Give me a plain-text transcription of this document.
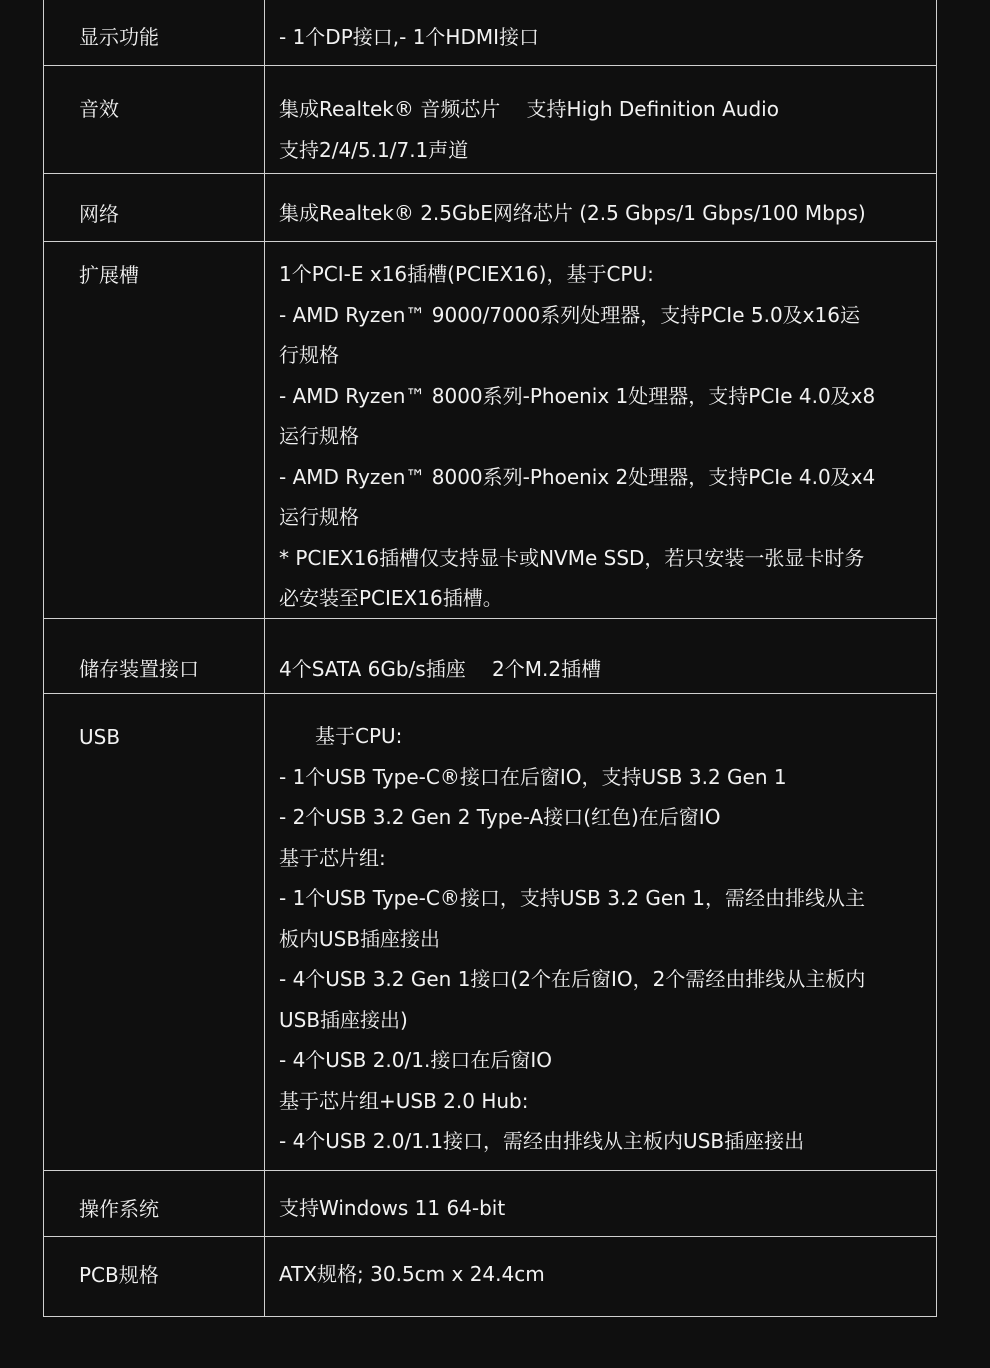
显示功能	- 1个DP接口,- 1个HDMI接口
音效	集成Realtek® 音频芯片　 支持High Definition Audio
支持2/4/5.1/7.1声道
网络	集成Realtek® 2.5GbE网络芯片 (2.5 Gbps/1 Gbps/100 Mbps)
扩展槽	1个PCI-E x16插槽(PCIEX16)，基于CPU:
- AMD Ryzen™ 9000/7000系列处理器，支持PCIe 5.0及x16运
行规格
- AMD Ryzen™ 8000系列-Phoenix 1处理器，支持PCIe 4.0及x8
运行规格
- AMD Ryzen™ 8000系列-Phoenix 2处理器，支持PCIe 4.0及x4
运行规格
* PCIEX16插槽仅支持显卡或NVMe SSD，若只安装一张显卡时务
必安装至PCIEX16插槽。
储存装置接口	4个SATA 6Gb/s插座　 2个M.2插槽
USB	基于CPU:
- 1个USB Type-C®接口在后窗IO，支持USB 3.2 Gen 1
- 2个USB 3.2 Gen 2 Type-A接口(红色)在后窗IO
基于芯片组:
- 1个USB Type-C®接口，支持USB 3.2 Gen 1，需经由排线从主
板内USB插座接出
- 4个USB 3.2 Gen 1接口(2个在后窗IO，2个需经由排线从主板内
USB插座接出)
- 4个USB 2.0/1.接口在后窗IO
基于芯片组+USB 2.0 Hub:
- 4个USB 2.0/1.1接口，需经由排线从主板内USB插座接出
操作系统	支持Windows 11 64-bit
PCB规格	ATX规格; 30.5cm x 24.4cm
